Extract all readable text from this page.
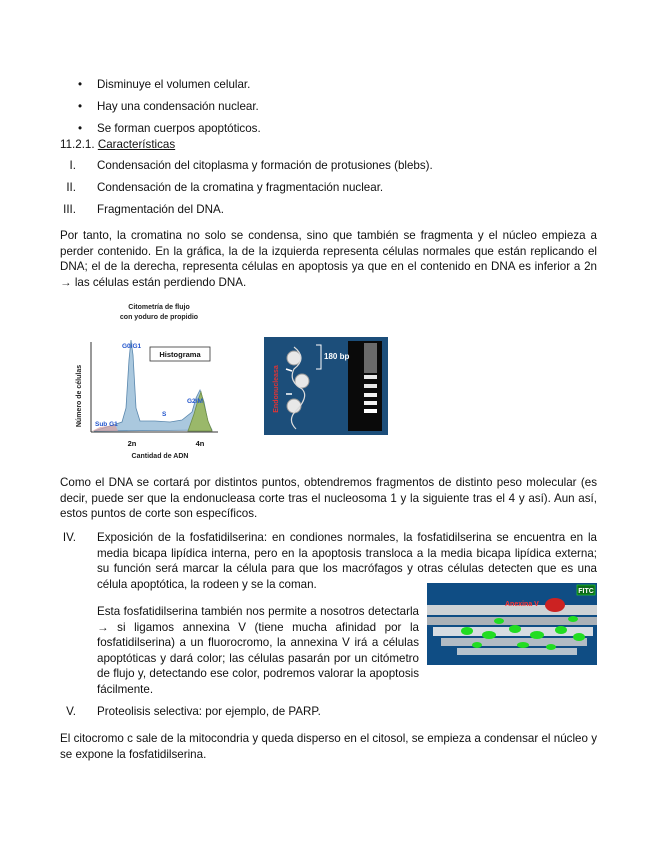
• Disminuye el volumen celular.
• Hay una condensación nuclear.
• Se forman cuerpos apoptóticos.
11.2.1. Características
I. Condensación del citoplasma y formación de protusiones (blebs).
II. Condensación de la cromatina y fragmentación nuclear.
III. Fragmentación del DNA.
Por tanto, la cromatina no solo se condensa, sino que también se fragmenta y el núcleo empieza a perder contenido. En la gráfica, la de la izquierda representa células normales que están replicando el DNA; el de la derecha, representa células en apoptosis ya que en el contenido en DNA es inferior a 2n → las células están perdiendo DNA.
Citometría de flujo
con yoduro de propidio
Número de células
Histograma
G0/G1
G2/M
S
Sub G1
2n	4n
Cantidad de ADN
180 bp
Endonucleasa
Como el DNA se cortará por distintos puntos, obtendremos fragmentos de distinto peso molecular (es decir, puede ser que la endonucleasa corte tras el nucleosoma 1 y la siguiente tras el 4 y así). Aun así, estos puntos de corte son específicos.
IV. Exposición de la fosfatidilserina: en condiones normales, la fosfatidilserina se encuentra en la media bicapa lipídica interna, pero en la apoptosis transloca a la media bicapa lipídica externa; su función será marcar la célula para que los macrófagos y otras células detecten que es una célula apoptótica, la rodeen y se la coman.
Esta fosfatidilserina también nos permite a nosotros detectarla → si ligamos annexina V (tiene mucha afinidad por la fosfatidilserina) a un fluorocromo, la annexina V irá a células apoptóticas y dará color; las células pasarán por un citómetro de flujo y, detectando ese color, podremos valorar la apoptosis fácilmente.
FITC
Anexina V
V. Proteolisis selectiva: por ejemplo, de PARP.
El citocromo c sale de la mitocondria y queda disperso en el citosol, se empieza a condensar el núcleo y se expone la fosfatidilserina.
